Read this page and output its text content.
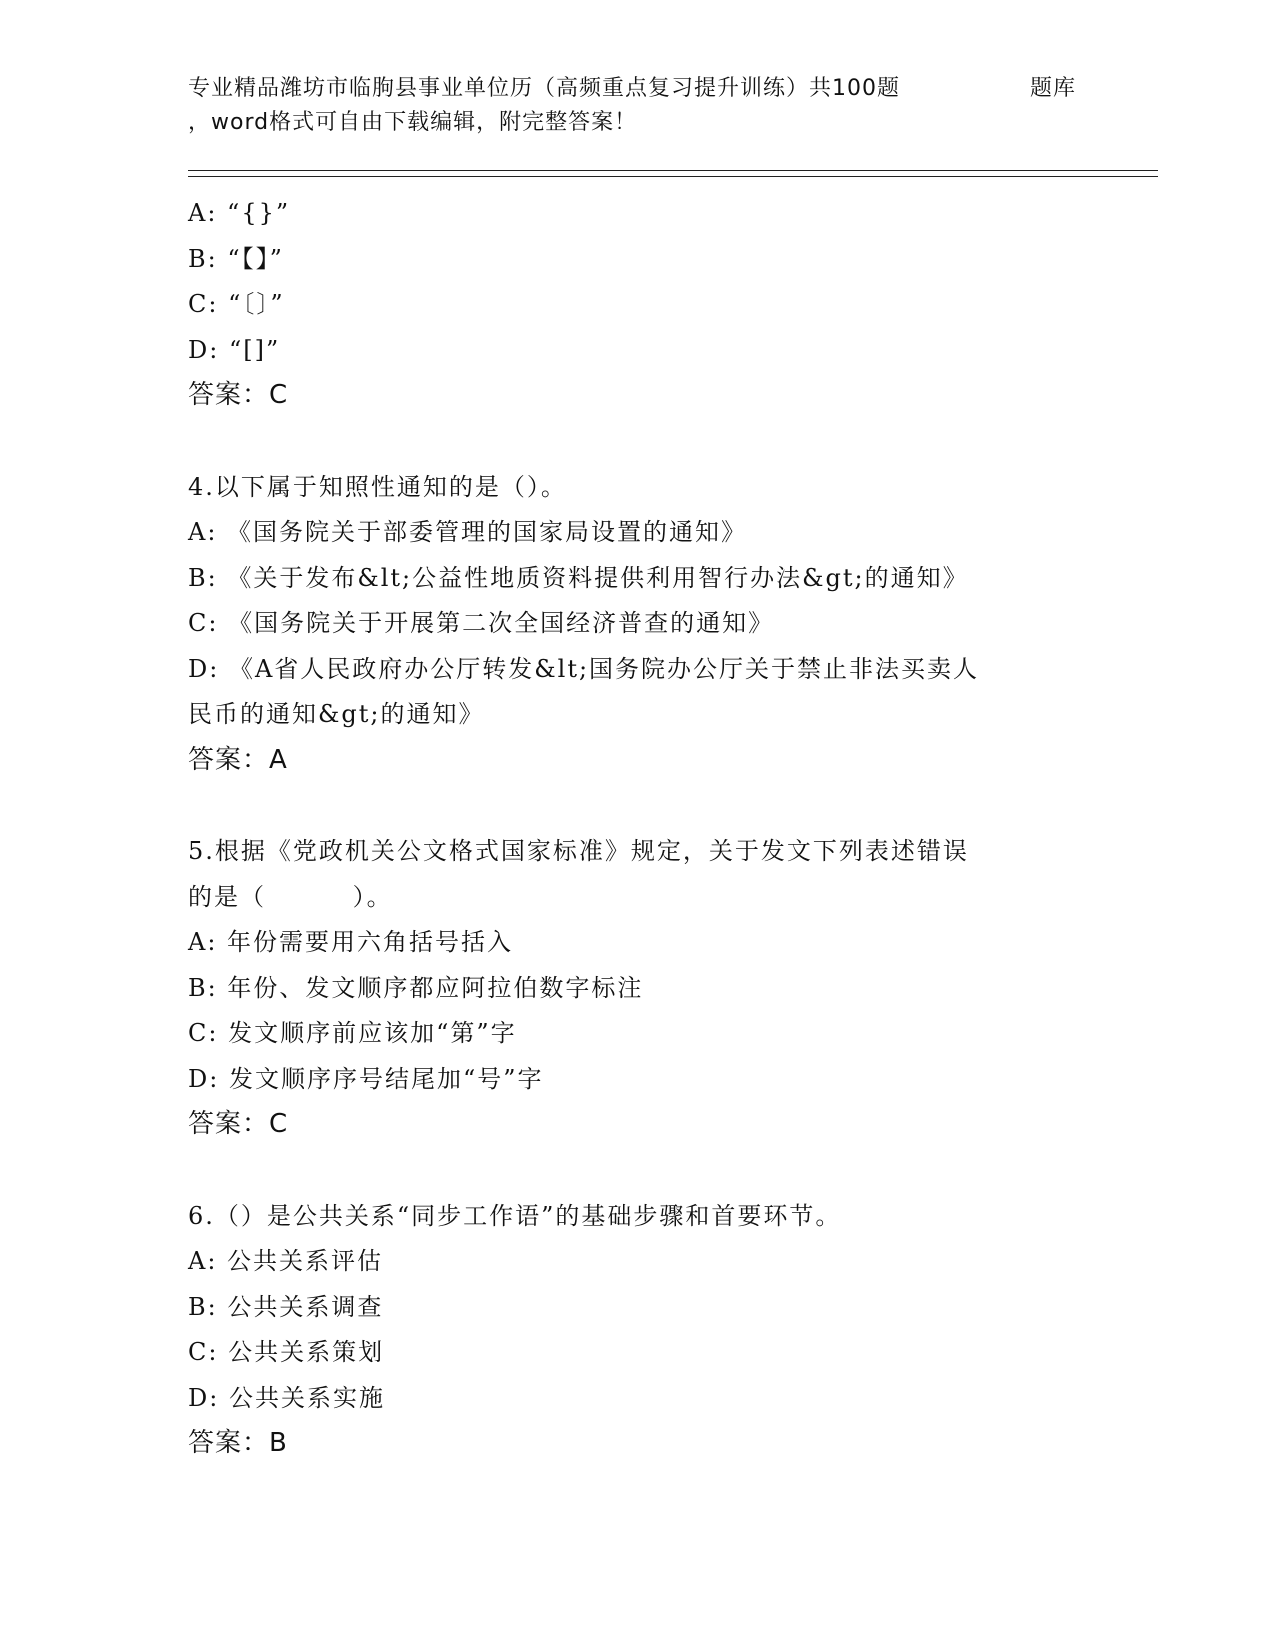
专业精品潍坊市临朐县事业单位历（高频重点复习提升训练）共100题	题库
，word格式可自由下载编辑，附完整答案！
A: “{}”
B: “【】”
C: “〔〕”
D: “[]”
答案：C
4.以下属于知照性通知的是（）。
A: 《国务院关于部委管理的国家局设置的通知》
B: 《关于发布&lt;公益性地质资料提供利用智行办法&gt;的通知》
C: 《国务院关于开展第二次全国经济普查的通知》
D: 《A省人民政府办公厅转发&lt;国务院办公厅关于禁止非法买卖人
民币的通知&gt;的通知》
答案：A
5.根据《党政机关公文格式国家标准》规定，关于发文下列表述错误
的是（         ）。
A: 年份需要用六角括号括入
B: 年份、发文顺序都应阿拉伯数字标注
C: 发文顺序前应该加“第”字
D: 发文顺序序号结尾加“号”字
答案：C
6.（）是公共关系“同步工作语”的基础步骤和首要环节。
A: 公共关系评估
B: 公共关系调查
C: 公共关系策划
D: 公共关系实施
答案：B
